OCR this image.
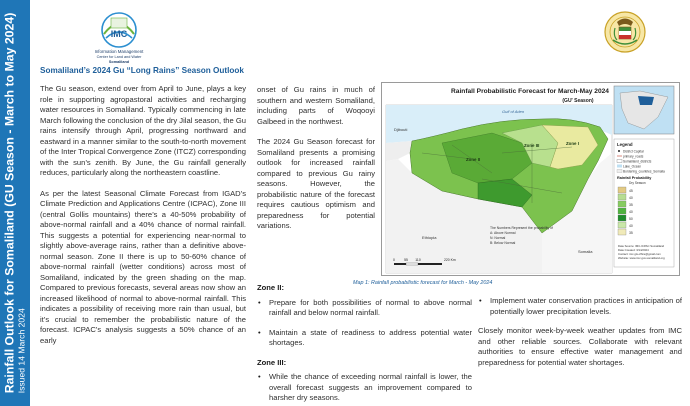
Rainfall Outlook for Somaliland (GU Season - March to May 2024) Issued 14 March 2024
IMC
Information Management
Center for Land and Water
Somaliland
Somaliland’s 2024 Gu “Long Rains” Season Outlook

The Gu season, extend over from April to June, plays a key role in supporting agropastoral activities and recharging water resources in Somaliland. Typically commencing in late March following the conclusion of the dry Jilal season, the Gu rains intensify through April, progressing northward and eastward in a manner similar to the south-to-north movement of the Inter Tropical Convergence Zone (ITCZ) corresponding with the sun’s zenith. By June, the Gu rainfall generally reduces, particularly along the northeastern coastline.

As per the latest Seasonal Climate Forecast from IGAD’s Climate Prediction and Applications Centre (ICPAC), Zone III (central Gollis mountains) there’s a 40-50% probability of above-normal rainfall and a 40% chance of normal rainfall. This suggests a potential for experiencing near-normal to slightly above-average rains, rather than a definitive above-normal season. Zone II there is up to 50-60% chance of above-normal rainfall (wetter conditions) across most of Somaliland, indicated by the green shading on the map. Compared to previous forecasts, several areas now show an increased likelihood of normal to above-normal rainfall. This indicates a possibility of receiving more rain than usual, but it’s crucial to remember the probabilistic nature of the forecast. ICPAC’s analysis suggests a 50% chance of an early

onset of Gu rains in much of southern and western Somaliland, including parts of Woqooyi Galbeed in the northwest.

The 2024 Gu Season forecast for Somaliland presents a promising outlook for increased rainfall compared to previous Gu rainy seasons. However, the probabilistic nature of the forecast requires cautious optimism and preparedness for potential variations.

Rainfall Probabilistic Forecast for March-May 2024
(GU' Season)
Djibouti
Ethiopia
Somalia
Gulf of Aden
Zone II
Zone III	Zone I
The Numbers Represent the probability of
A: Above Normal
N: Normal
B: Below Normal
0	55 110	220 Km
Legend
District Capital
primary_roads
Somaliland_districts
Lake_Ocean
Bordering_countries_Somalia
Rainfall Probability
Dry Season
45
40
35
40
50
40
35
Date Source: IMC-ICPAC Somaliland
Date Created: 3/14/2024
Contact: imc.gis.office@gmail.com
Website: www.imc.gov.somaliland.org
Map 1: Rainfall probabilistic forecast for March - May 2024
Zone II:
• Prepare for both possibilities of normal to above normal rainfall and below normal rainfall.
• Maintain a state of readiness to address potential water shortages.
Zone III:
• While the chance of exceeding normal rainfall is lower, the overall forecast suggests an improvement compared to harsher dry seasons.
• Implement water conservation practices in anticipation of potentially lower precipitation levels.

Closely monitor week-by-week weather updates from IMC and other reliable sources. Collaborate with relevant authorities to ensure effective water management and preparedness for potential water shortages.
